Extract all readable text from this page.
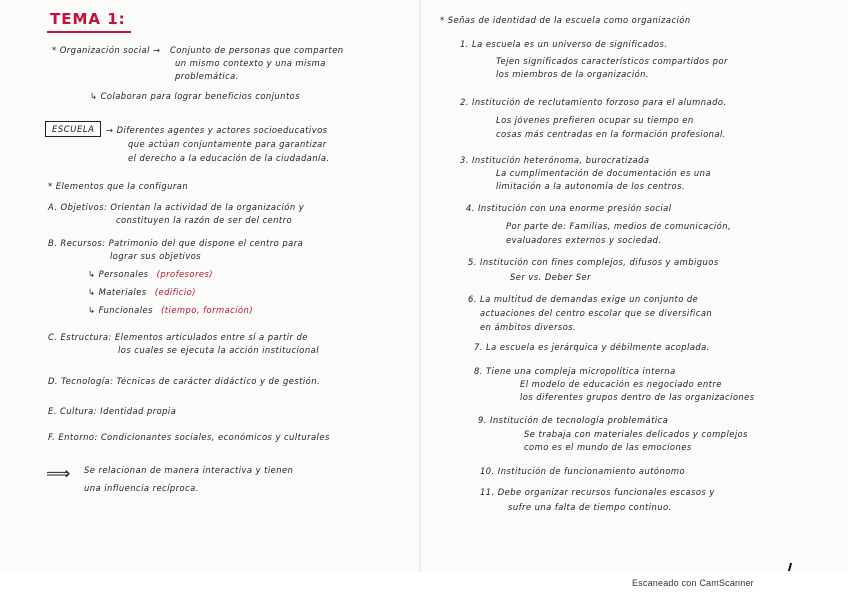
TEMA 1:
* Organización social → Conjunto de personas que comparten
un mismo contexto y una misma
problemática.
↳ Colaboran para lograr beneficios conjuntos
ESCUELA	→ Diferentes agentes y actores socioeducativos
que actúan conjuntamente para garantizar
el derecho a la educación de la ciudadanía.
* Elementos que la configuran
A. Objetivos: Orientan la actividad de la organización y
constituyen la razón de ser del centro
B. Recursos: Patrimonio del que dispone el centro para
lograr sus objetivos
↳ Personales (profesores)
↳ Materiales (edificio)
↳ Funcionales (tiempo, formación)
C. Estructura: Elementos articulados entre sí a partir de
los cuales se ejecuta la acción institucional
D. Tecnología: Técnicas de carácter didáctico y de gestión.
E. Cultura: Identidad propia
F. Entorno: Condicionantes sociales, económicos y culturales
⟹ Se relacionan de manera interactiva y tienen
una influencia recíproca.
* Señas de identidad de la escuela como organización
1. La escuela es un universo de significados.
Tejen significados característicos compartidos por
los miembros de la organización.
2. Institución de reclutamiento forzoso para el alumnado.
Los jóvenes prefieren ocupar su tiempo en
cosas más centradas en la formación profesional.
3. Institución heterónoma, burocratizada
La cumplimentación de documentación es una
limitación a la autonomía de los centros.
4. Institución con una enorme presión social
Por parte de: Familias, medios de comunicación,
evaluadores externos y sociedad.
5. Institución con fines complejos, difusos y ambiguos
Ser vs. Deber Ser
6. La multitud de demandas exige un conjunto de
actuaciones del centro escolar que se diversifican
en ámbitos diversos.
7. La escuela es jerárquica y débilmente acoplada.
8. Tiene una compleja micropolítica interna
El modelo de educación es negociado entre
los diferentes grupos dentro de las organizaciones
9. Institución de tecnología problemática
Se trabaja con materiales delicados y complejos
como es el mundo de las emociones
10. Institución de funcionamiento autónomo
11. Debe organizar recursos funcionales escasos y
sufre una falta de tiempo continuo.
Escaneado con CamScanner
